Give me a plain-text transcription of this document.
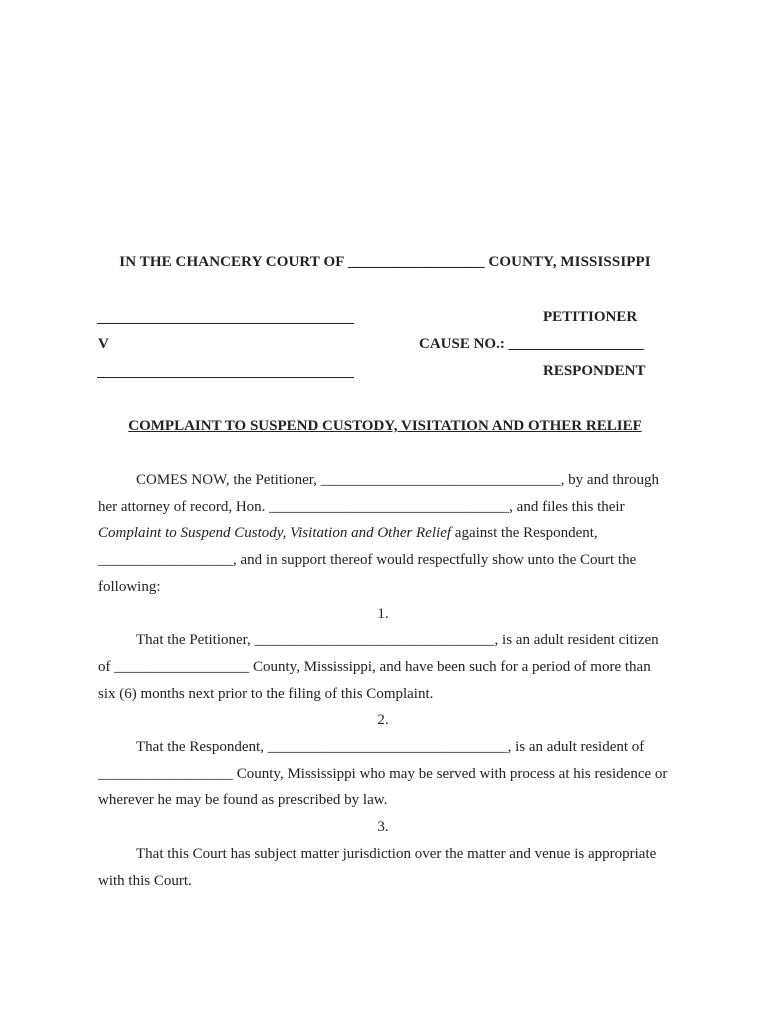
IN THE CHANCERY COURT OF __________________ COUNTY, MISSISSIPPI
PETITIONER
V	CAUSE NO.: __________________
RESPONDENT
COMPLAINT TO SUSPEND CUSTODY, VISITATION AND OTHER RELIEF

COMES NOW, the Petitioner, ________________________________, by and through her attorney of record, Hon. ________________________________, and files this their Complaint to Suspend Custody, Visitation and Other Relief against the Respondent, __________________, and in support thereof would respectfully show unto the Court the following:

1.

That the Petitioner, ________________________________, is an adult resident citizen of __________________ County, Mississippi, and have been such for a period of more than six (6) months next prior to the filing of this Complaint.

2.

That the Respondent, ________________________________, is an adult resident of __________________ County, Mississippi who may be served with process at his residence or wherever he may be found as prescribed by law.

3.

That this Court has subject matter jurisdiction over the matter and venue is appropriate with this Court.
